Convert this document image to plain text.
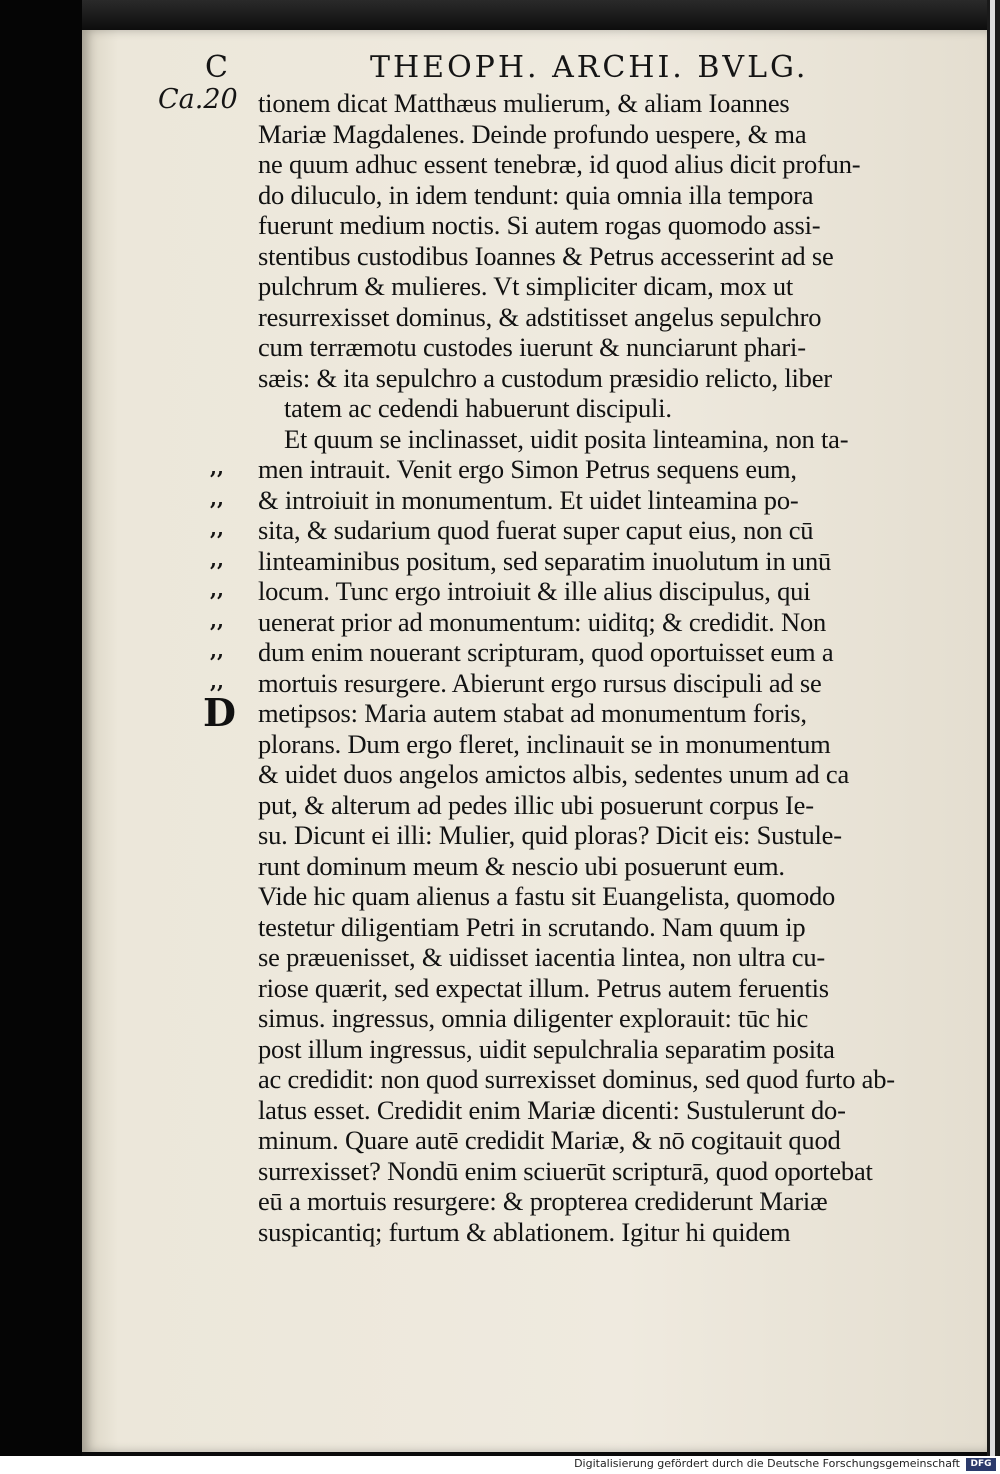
C	THEOPH. ARCHI. BVLG.
Ca.20
,,
,,
,,
,,
,,
,,
,,
,,
D
tionem dicat Matthæus mulierum, & aliam Ioannes
Mariæ Magdalenes. Deinde profundo uespere, & ma
ne quum adhuc essent tenebræ, id quod alius dicit profun-
do diluculo, in idem tendunt: quia omnia illa tempora
fuerunt medium noctis. Si autem rogas quomodo assi-
stentibus custodibus Ioannes & Petrus accesserint ad se
pulchrum & mulieres. Vt simpliciter dicam, mox ut
resurrexisset dominus, & adstitisset angelus sepulchro
cum terræmotu custodes iuerunt & nunciarunt phari-
sæis: & ita sepulchro a custodum præsidio relicto, liber
tatem ac cedendi habuerunt discipuli.
Et quum se inclinasset, uidit posita linteamina, non ta-
men intrauit. Venit ergo Simon Petrus sequens eum,
& introiuit in monumentum. Et uidet linteamina po-
sita, & sudarium quod fuerat super caput eius, non cū
linteaminibus positum, sed separatim inuolutum in unū
locum. Tunc ergo introiuit & ille alius discipulus, qui
uenerat prior ad monumentum: uiditq; & credidit. Non
dum enim nouerant scripturam, quod oportuisset eum a
mortuis resurgere. Abierunt ergo rursus discipuli ad se
metipsos: Maria autem stabat ad monumentum foris,
plorans. Dum ergo fleret, inclinauit se in monumentum
& uidet duos angelos amictos albis, sedentes unum ad ca
put, & alterum ad pedes illic ubi posuerunt corpus Ie-
su. Dicunt ei illi: Mulier, quid ploras? Dicit eis: Sustule-
runt dominum meum & nescio ubi posuerunt eum.
Vide hic quam alienus a fastu sit Euangelista, quomodo
testetur diligentiam Petri in scrutando. Nam quum ip
se præuenisset, & uidisset iacentia lintea, non ultra cu-
riose quærit, sed expectat illum. Petrus autem feruentis
simus. ingressus, omnia diligenter explorauit: tūc hic
post illum ingressus, uidit sepulchralia separatim posita
ac credidit: non quod surrexisset dominus, sed quod furto ab-
latus esset. Credidit enim Mariæ dicenti: Sustulerunt do-
minum. Quare autē credidit Mariæ, & nō cogitauit quod
surrexisset? Nondū enim sciuerūt scripturā, quod oportebat
eū a mortuis resurgere: & propterea crediderunt Mariæ
suspicantiq; furtum & ablationem. Igitur hi quidem
Digitalisierung gefördert durch die Deutsche Forschungsgemeinschaft	DFG
